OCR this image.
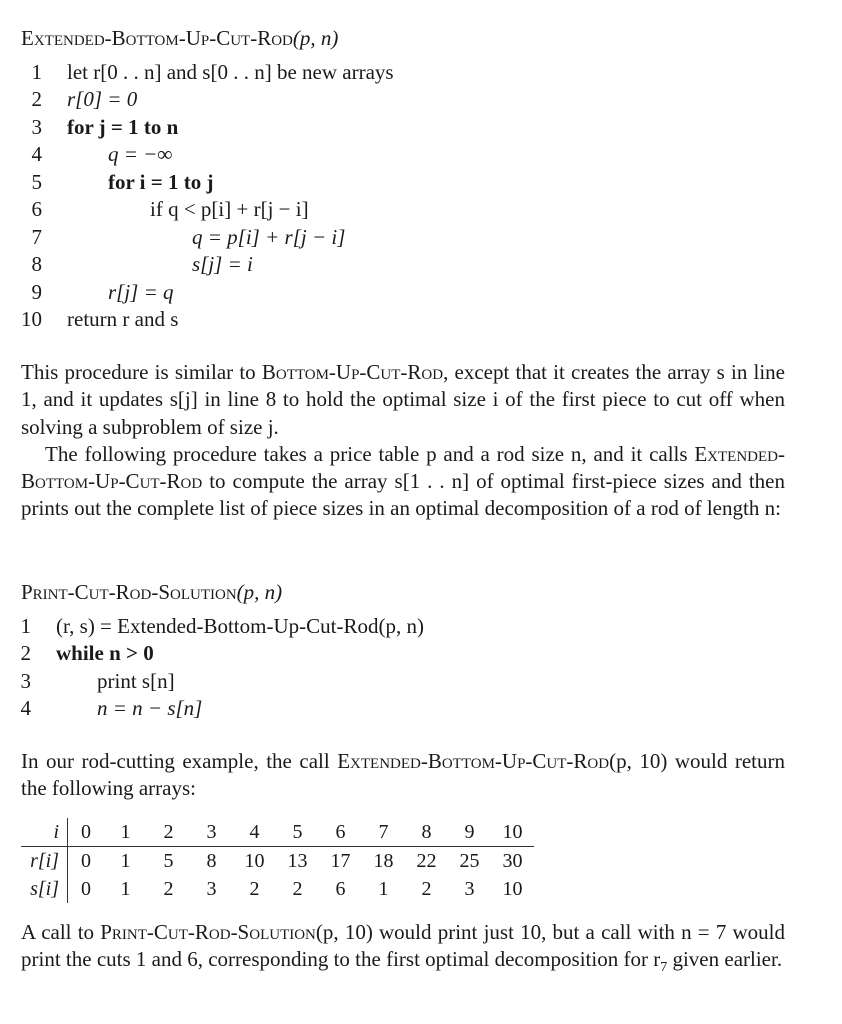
Extended-Bottom-Up-Cut-Rod(p, n)
1 let r[0 . . n] and s[0 . . n] be new arrays
2 r[0] = 0
3 for j = 1 to n
4	q = −∞
5	for i = 1 to j
6	if q < p[i] + r[j − i]
7	q = p[i] + r[j − i]
8	s[j] = i
9	r[j] = q
10 return r and s

This procedure is similar to Bottom-Up-Cut-Rod, except that it creates the array s in line 1, and it updates s[j] in line 8 to hold the optimal size i of the first piece to cut off when solving a subproblem of size j.

The following procedure takes a price table p and a rod size n, and it calls Extended-Bottom-Up-Cut-Rod to compute the array s[1 . . n] of optimal first-piece sizes and then prints out the complete list of piece sizes in an optimal decomposition of a rod of length n:

Print-Cut-Rod-Solution(p, n)
1 (r, s) = Extended-Bottom-Up-Cut-Rod(p, n)
2 while n > 0
3	print s[n]
4	n = n − s[n]

In our rod-cutting example, the call Extended-Bottom-Up-Cut-Rod(p, 10) would return the following arrays:

i	0	1	2	3	4	5	6	7	8	9	10
r[i]	0	1	5	8	10	13	17	18	22	25	30
s[i]	0	1	2	3	2	2	6	1	2	3	10

A call to Print-Cut-Rod-Solution(p, 10) would print just 10, but a call with n = 7 would print the cuts 1 and 6, corresponding to the first optimal decomposition for $r_7$ given earlier.
